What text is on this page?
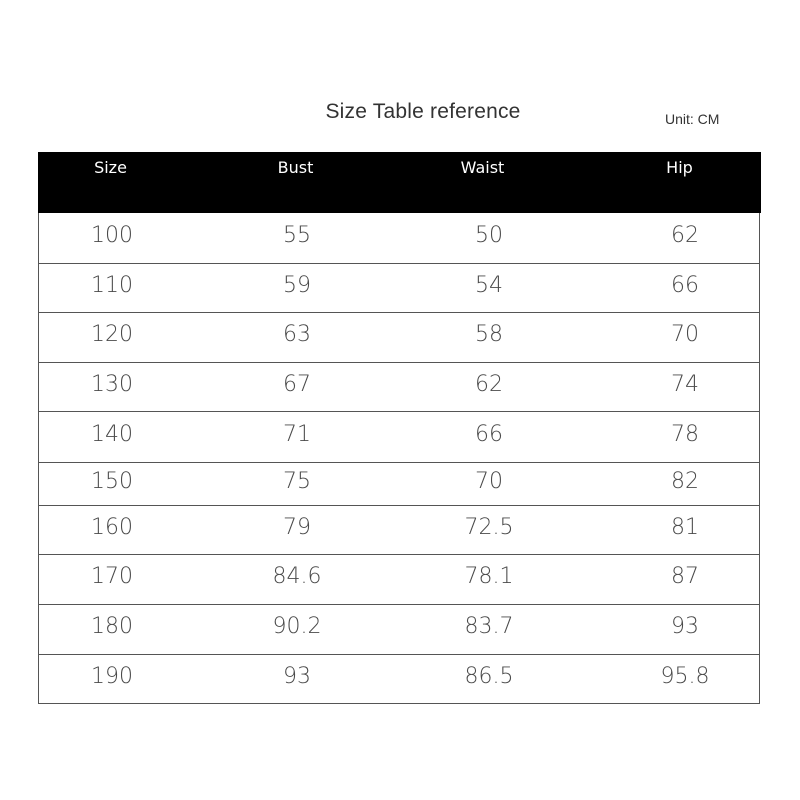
Size Table reference	Unit: CM
Size	Bust	Waist	Hip
100	55	50	62
110	59	54	66
120	63	58	70
130	67	62	74
140	71	66	78
150	75	70	82
160	79	72.5	81
170	84.6	78.1	87
180	90.2	83.7	93
190	93	86.5	95.8
